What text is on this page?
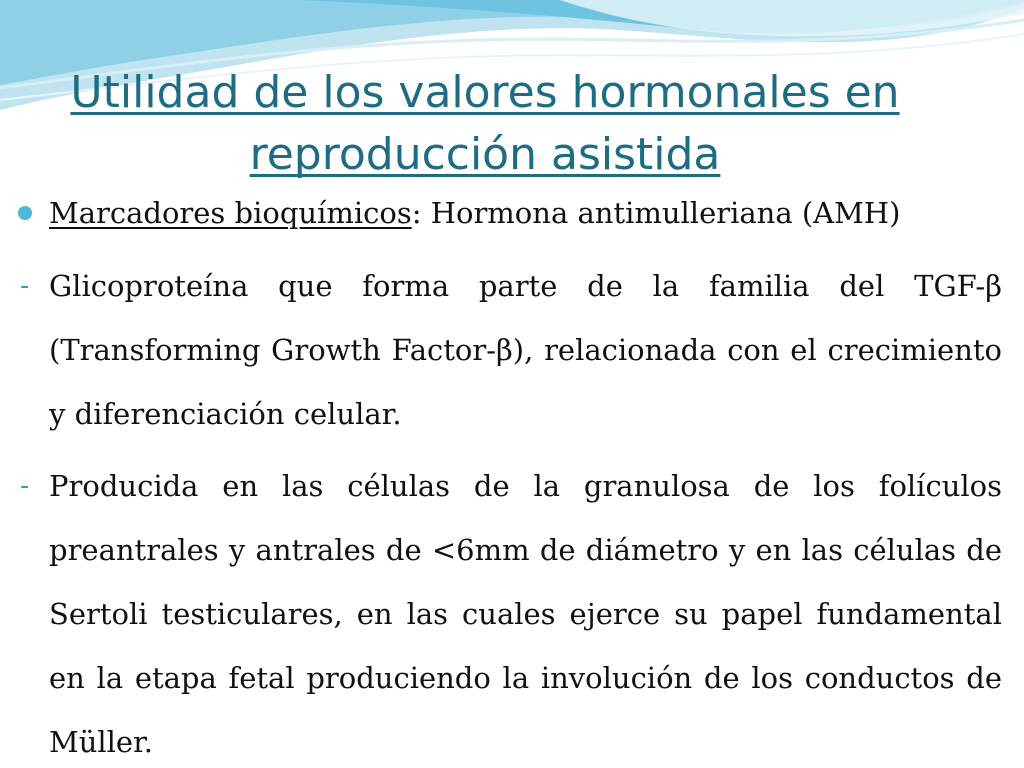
Utilidad de los valores hormonales en
reproducción asistida
Marcadores bioquímicos: Hormona antimulleriana (AMH)
- Glicoproteína que forma parte de la familia del TGF-β (Transforming Growth Factor-β), relacionada con el crecimiento y diferenciación celular.
- Producida en las células de la granulosa de los folículos preantrales y antrales de <6mm de diámetro y en las células de Sertoli testiculares, en las cuales ejerce su papel fundamental en la etapa fetal produciendo la involución de los conductos de Müller.
